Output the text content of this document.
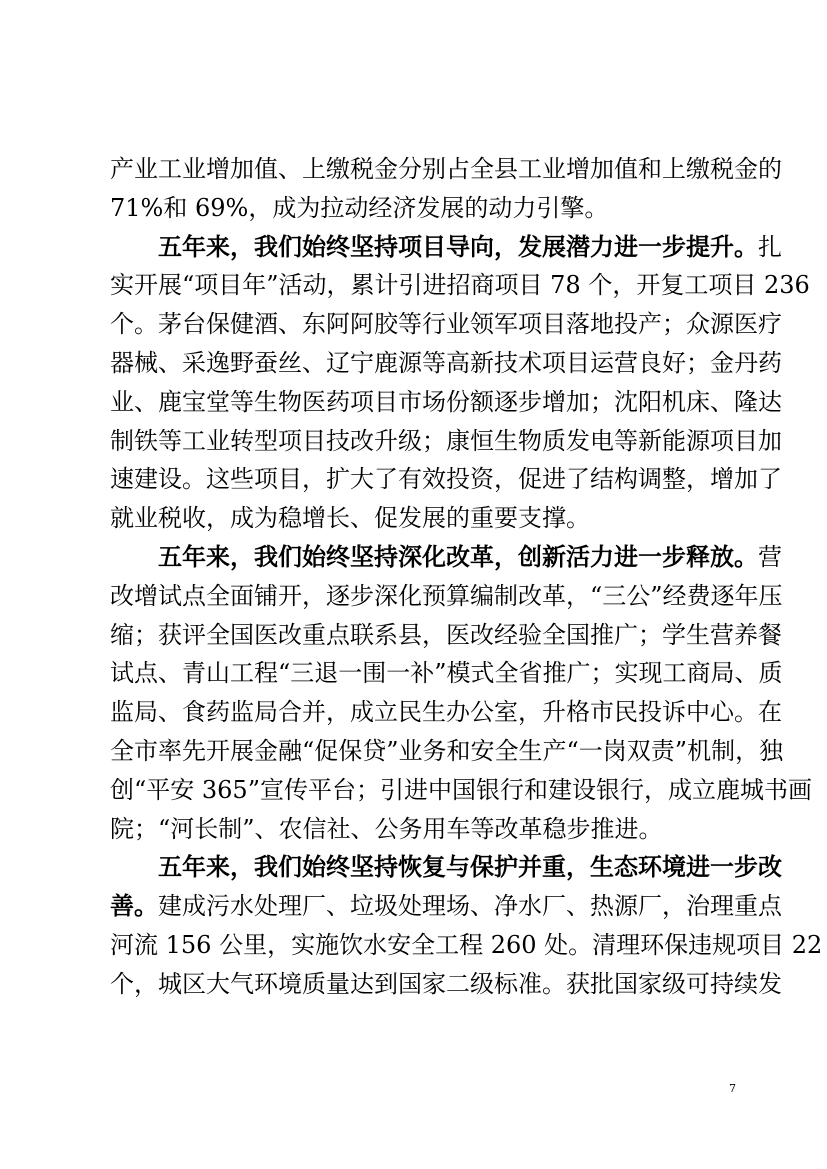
产业工业增加值、上缴税金分别占全县工业增加值和上缴税金的
71%和 69%，成为拉动经济发展的动力引擎。
五年来，我们始终坚持项目导向，发展潜力进一步提升。扎
实开展“项目年”活动，累计引进招商项目 78 个，开复工项目 236
个。茅台保健酒、东阿阿胶等行业领军项目落地投产；众源医疗
器械、采逸野蚕丝、辽宁鹿源等高新技术项目运营良好；金丹药
业、鹿宝堂等生物医药项目市场份额逐步增加；沈阳机床、隆达
制铁等工业转型项目技改升级；康恒生物质发电等新能源项目加
速建设。这些项目，扩大了有效投资，促进了结构调整，增加了
就业税收，成为稳增长、促发展的重要支撑。
五年来，我们始终坚持深化改革，创新活力进一步释放。营
改增试点全面铺开，逐步深化预算编制改革，“三公”经费逐年压
缩；获评全国医改重点联系县，医改经验全国推广；学生营养餐
试点、青山工程“三退一围一补”模式全省推广；实现工商局、质
监局、食药监局合并，成立民生办公室，升格市民投诉中心。在
全市率先开展金融“促保贷”业务和安全生产“一岗双责”机制，独
创“平安 365”宣传平台；引进中国银行和建设银行，成立鹿城书画
院；“河长制”、农信社、公务用车等改革稳步推进。
五年来，我们始终坚持恢复与保护并重，生态环境进一步改
善。建成污水处理厂、垃圾处理场、净水厂、热源厂，治理重点
河流 156 公里，实施饮水安全工程 260 处。清理环保违规项目 22
个，城区大气环境质量达到国家二级标准。获批国家级可持续发
7
